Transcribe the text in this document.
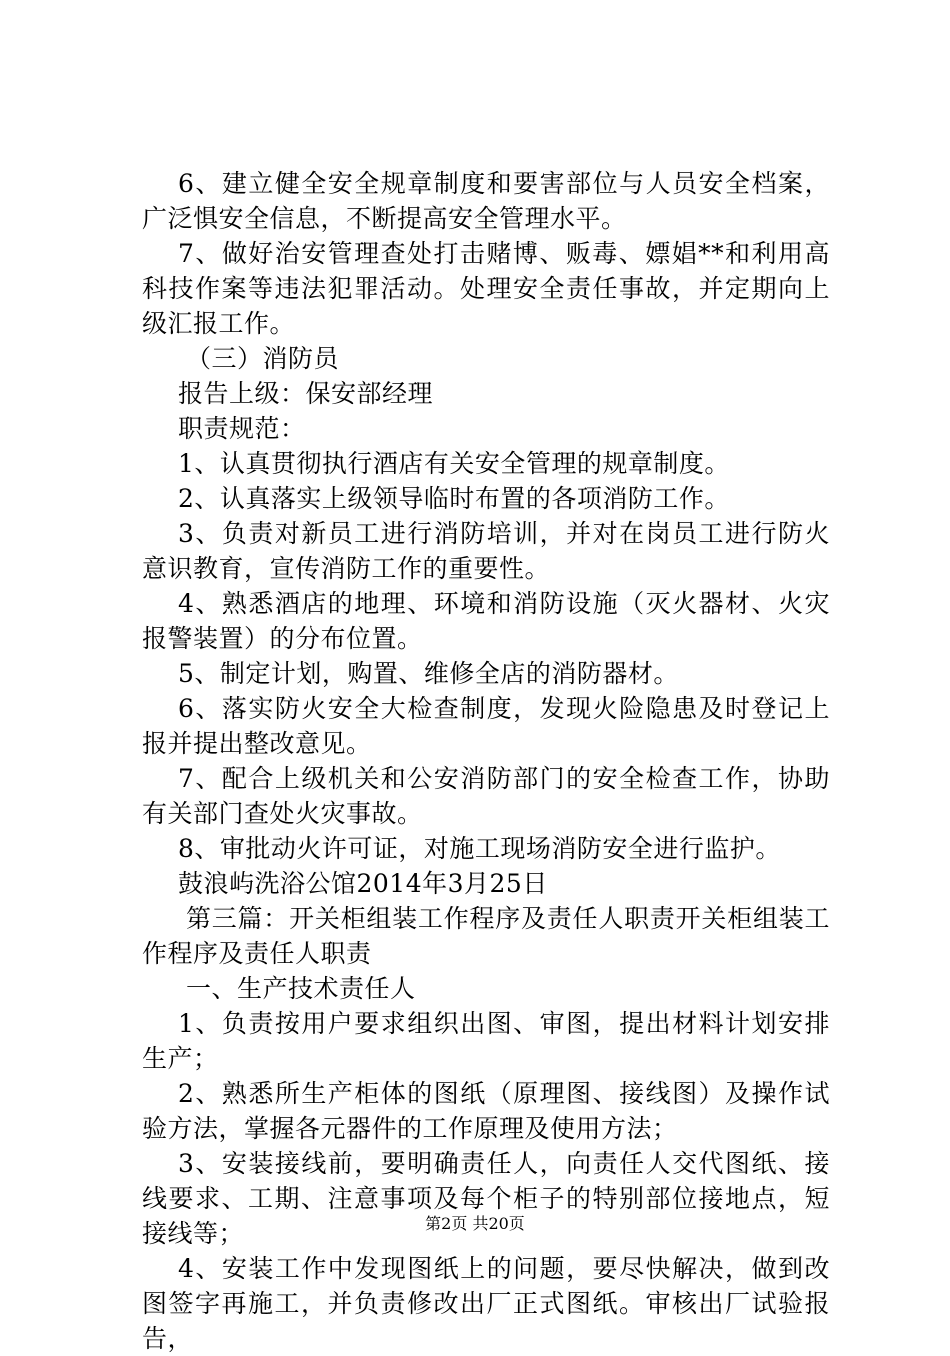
6、建立健全安全规章制度和要害部位与人员安全档案，广泛惧安全信息，不断提高安全管理水平。

7、做好治安管理查处打击赌博、贩毒、嫖娼**和利用高科技作案等违法犯罪活动。处理安全责任事故，并定期向上级汇报工作。

（三）消防员

报告上级：保安部经理

职责规范：

1、认真贯彻执行酒店有关安全管理的规章制度。

2、认真落实上级领导临时布置的各项消防工作。

3、负责对新员工进行消防培训，并对在岗员工进行防火意识教育，宣传消防工作的重要性。

4、熟悉酒店的地理、环境和消防设施（灭火器材、火灾报警装置）的分布位置。

5、制定计划，购置、维修全店的消防器材。

6、落实防火安全大检查制度，发现火险隐患及时登记上报并提出整改意见。

7、配合上级机关和公安消防部门的安全检查工作，协助有关部门查处火灾事故。

8、审批动火许可证，对施工现场消防安全进行监护。

鼓浪屿洗浴公馆2014年3月25日

第三篇：开关柜组装工作程序及责任人职责开关柜组装工作程序及责任人职责

一、生产技术责任人

1、负责按用户要求组织出图、审图，提出材料计划安排生产；

2、熟悉所生产柜体的图纸（原理图、接线图）及操作试验方法，掌握各元器件的工作原理及使用方法；

3、安装接线前，要明确责任人，向责任人交代图纸、接线要求、工期、注意事项及每个柜子的特别部位接地点，短接线等；

4、安装工作中发现图纸上的问题，要尽快解决，做到改图签字再施工，并负责修改出厂正式图纸。审核出厂试验报告，

第2页 共20页
